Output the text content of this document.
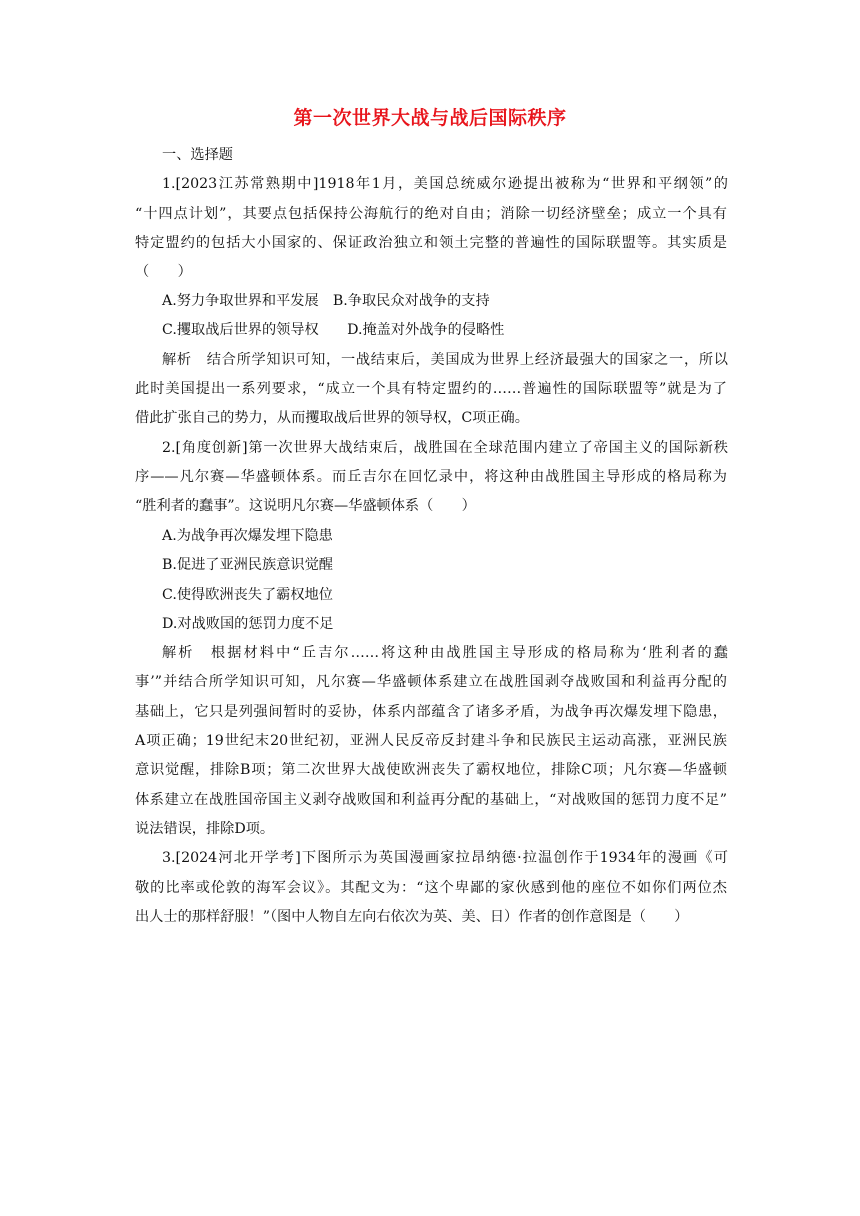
第一次世界大战与战后国际秩序
一、选择题
1.[2023江苏常熟期中]1918年1月，美国总统威尔逊提出被称为“世界和平纲领”的
“十四点计划”，其要点包括保持公海航行的绝对自由；消除一切经济壁垒；成立一个具有
特定盟约的包括大小国家的、保证政治独立和领土完整的普遍性的国际联盟等。其实质是
（　　）
A.努力争取世界和平发展　B.争取民众对战争的支持
C.攫取战后世界的领导权　　D.掩盖对外战争的侵略性
解析　结合所学知识可知，一战结束后，美国成为世界上经济最强大的国家之一，所以
此时美国提出一系列要求，“成立一个具有特定盟约的……普遍性的国际联盟等”就是为了
借此扩张自己的势力，从而攫取战后世界的领导权，C项正确。
2.[角度创新]第一次世界大战结束后，战胜国在全球范围内建立了帝国主义的国际新秩
序——凡尔赛—华盛顿体系。而丘吉尔在回忆录中，将这种由战胜国主导形成的格局称为
“胜利者的蠢事”。这说明凡尔赛—华盛顿体系（　　）
A.为战争再次爆发埋下隐患
B.促进了亚洲民族意识觉醒
C.使得欧洲丧失了霸权地位
D.对战败国的惩罚力度不足
解析　根据材料中“丘吉尔……将这种由战胜国主导形成的格局称为‘胜利者的蠢
事’”并结合所学知识可知，凡尔赛—华盛顿体系建立在战胜国剥夺战败国和利益再分配的
基础上，它只是列强间暂时的妥协，体系内部蕴含了诸多矛盾，为战争再次爆发埋下隐患，
A项正确；19世纪末20世纪初，亚洲人民反帝反封建斗争和民族民主运动高涨，亚洲民族
意识觉醒，排除B项；第二次世界大战使欧洲丧失了霸权地位，排除C项；凡尔赛—华盛顿
体系建立在战胜国帝国主义剥夺战败国和利益再分配的基础上，“对战败国的惩罚力度不足”
说法错误，排除D项。
3.[2024河北开学考]下图所示为英国漫画家拉昂纳德·拉温创作于1934年的漫画《可
敬的比率或伦敦的海军会议》。其配文为：“这个卑鄙的家伙感到他的座位不如你们两位杰
出人士的那样舒服！”（图中人物自左向右依次为英、美、日）作者的创作意图是（　　）
